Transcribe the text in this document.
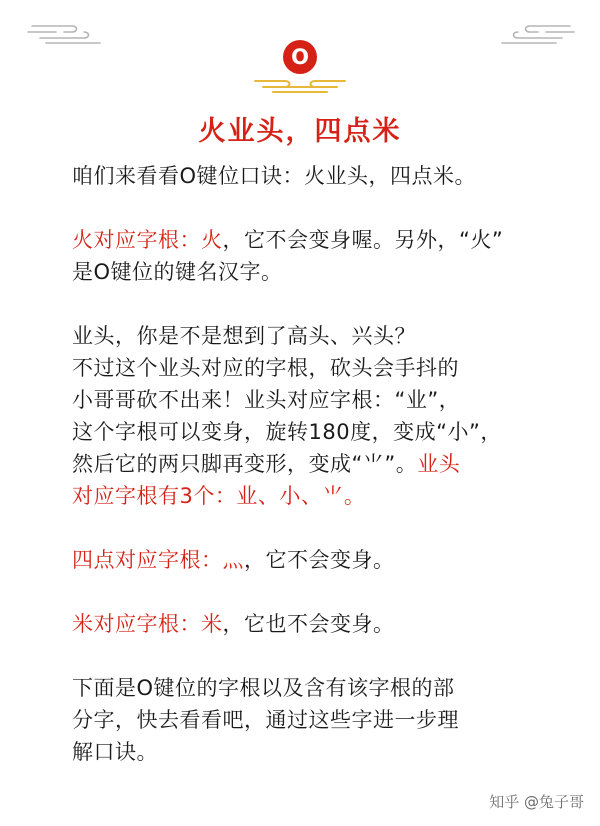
O
火业头，四点米
咱们来看看O键位口诀：火业头，四点米。
火对应字根：火，它不会变身喔。另外，“火”
是O键位的键名汉字。
业头，你是不是想到了高头、兴头？
不过这个业头对应的字根，砍头会手抖的
小哥哥砍不出来！业头对应字根：“业”，
这个字根可以变身，旋转180度，变成“小”，
然后它的两只脚再变形，变成“⺌”。业头
对应字根有3个：业、小、⺌。
四点对应字根：灬，它不会变身。
米对应字根：米，它也不会变身。
下面是O键位的字根以及含有该字根的部
分字，快去看看吧，通过这些字进一步理
解口诀。
知乎 @兔子哥
